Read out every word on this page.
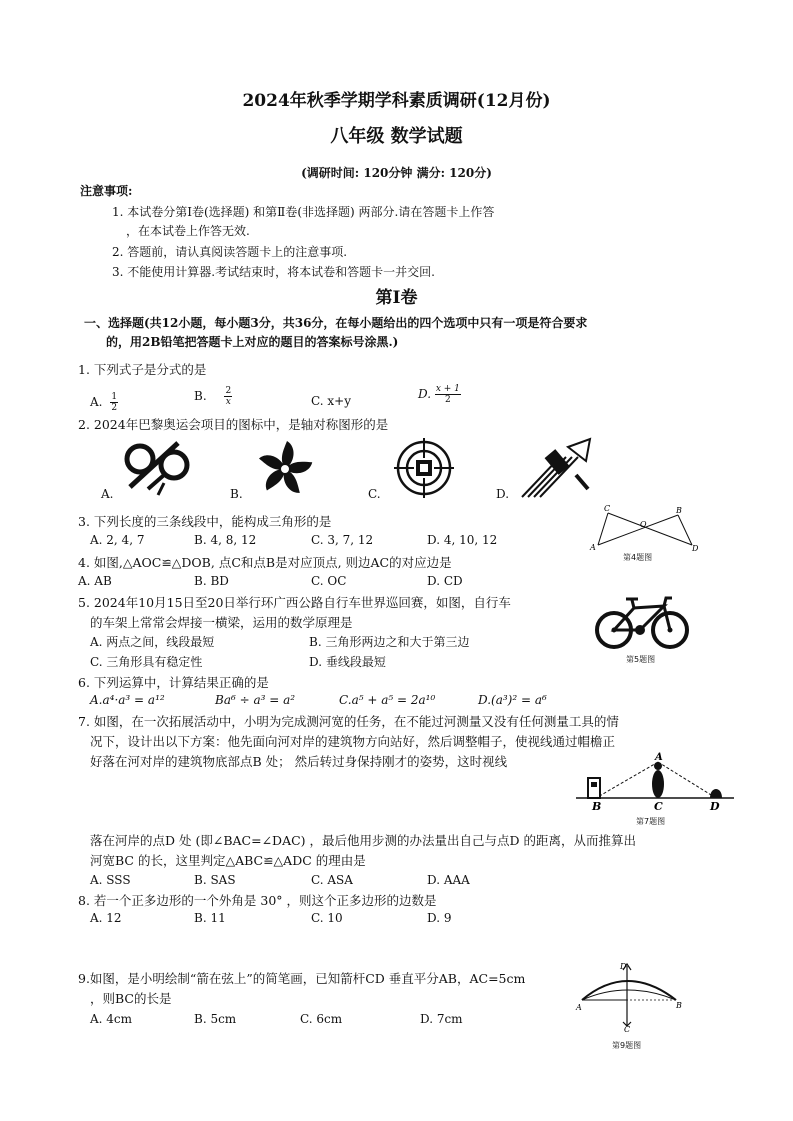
2024年秋季学期学科素质调研(12月份)
八年级 数学试题
(调研时间: 120分钟 满分: 120分)
注意事项:
1. 本试卷分第Ⅰ卷(选择题) 和第Ⅱ卷(非选择题) 两部分.请在答题卡上作答
，在本试卷上作答无效.
2. 答题前，请认真阅读答题卡上的注意事项.
3. 不能使用计算器.考试结束时，将本试卷和答题卡一并交回.
第Ⅰ卷
一、选择题(共12小题，每小题3分，共36分，在每小题给出的四个选项中只有一项是符合要求
的，用2B铅笔把答题卡上对应的题目的答案标号涂黑.)
1. 下列式子是分式的是
A. $\frac{1}{2}$	B. $\frac{2}{x}$	C. x+y	D. $\frac{x + 1}{2}$
2. 2024年巴黎奥运会项目的图标中，是轴对称图形的是
A.	B.	C.	D.
3. 下列长度的三条线段中，能构成三角形的是
A. 2, 4, 7	B. 4, 8, 12	C. 3, 7, 12	D. 4, 10, 12
C	B
O
A	D
第4题图
4. 如图,△AOC≌△DOB, 点C和点B是对应顶点, 则边AC的对应边是
A. AB	B. BD	C. OC	D. CD
5. 2024年10月15日至20日举行环广西公路自行车世界巡回赛，如图，自行车
的车架上常常会焊接一横梁，运用的数学原理是
A. 两点之间，线段最短	B. 三角形两边之和大于第三边
C. 三角形具有稳定性	D. 垂线段最短	第5题图
6. 下列运算中，计算结果正确的是
A.a⁴·a³ = a¹²	Ba⁶ ÷ a³ = a²	C.a⁵ + a⁵ = 2a¹⁰	D.(a³)² = a⁶
7. 如图，在一次拓展活动中，小明为完成测河宽的任务，在不能过河测量又没有任何测量工具的情
况下，设计出以下方案：他先面向河对岸的建筑物方向站好，然后调整帽子，使视线通过帽檐正
好落在河对岸的建筑物底部点B 处； 然后转过身保持刚才的姿势，这时视线	A
B	C	D
第7题图
落在河岸的点D 处 (即∠BAC=∠DAC) ，最后他用步测的办法量出自己与点D 的距离，从而推算出
河宽BC 的长，这里判定△ABC≌△ADC 的理由是
A. SSS	B. SAS	C. ASA	D. AAA
8. 若一个正多边形的一个外角是 30° ，则这个正多边形的边数是
A. 12	B. 11	C. 10	D. 9
9.如图，是小明绘制“箭在弦上”的简笔画，已知箭杆CD 垂直平分AB，AC=5cm
，则BC的长是
A. 4cm	B. 5cm	C. 6cm	D. 7cm
D
A	B
C
第9题图
